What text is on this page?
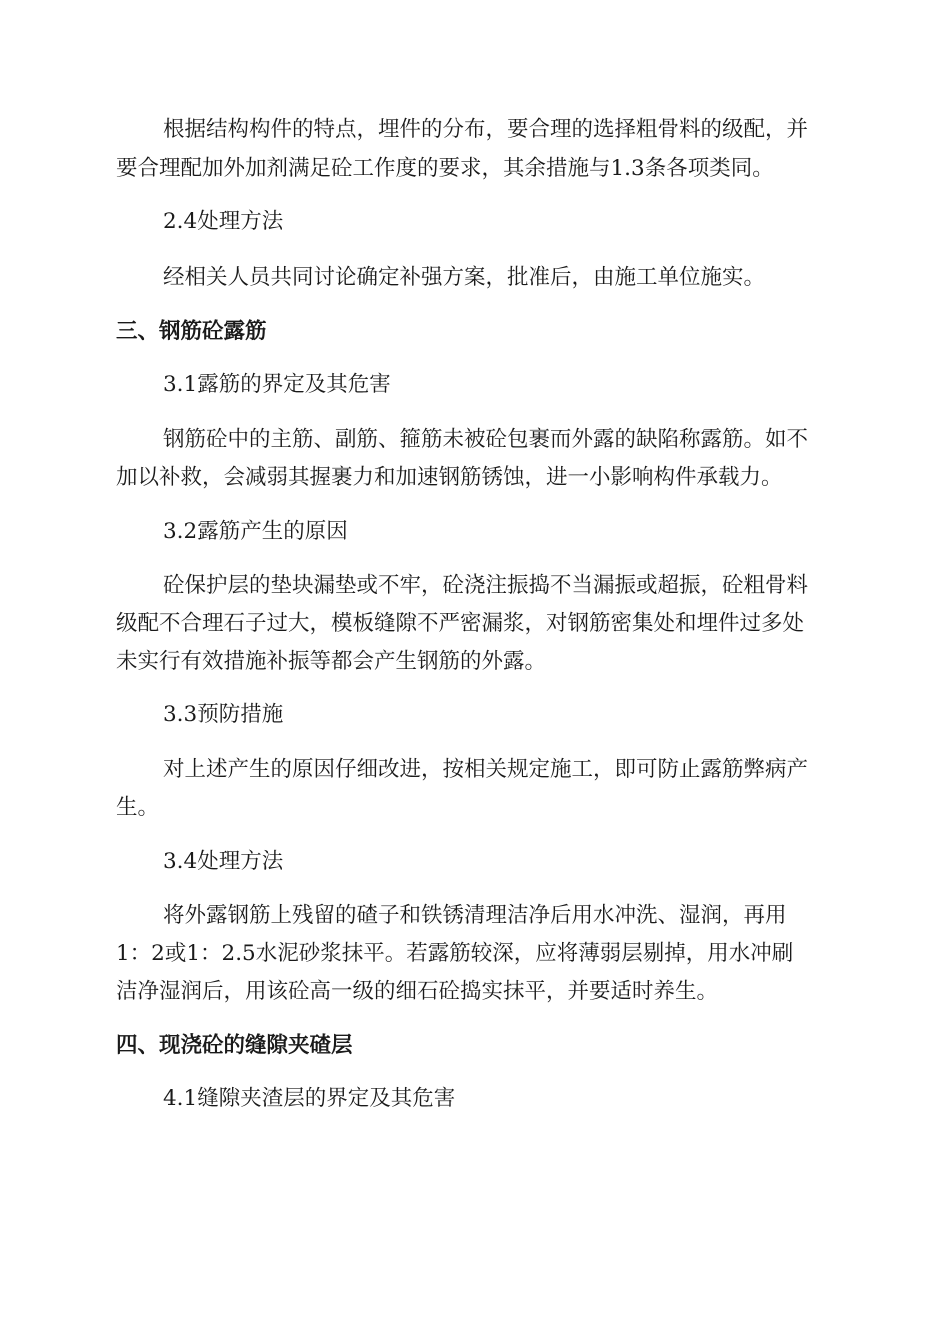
根据结构构件的特点，埋件的分布，要合理的选择粗骨料的级配，并
要合理配加外加剂满足砼工作度的要求，其余措施与1.3条各项类同。
2.4处理方法
经相关人员共同讨论确定补强方案，批准后，由施工单位施实。
三、钢筋砼露筋
3.1露筋的界定及其危害
钢筋砼中的主筋、副筋、箍筋未被砼包裹而外露的缺陷称露筋。如不
加以补救，会减弱其握裹力和加速钢筋锈蚀，进一小影响构件承载力。
3.2露筋产生的原因
砼保护层的垫块漏垫或不牢，砼浇注振捣不当漏振或超振，砼粗骨料
级配不合理石子过大，模板缝隙不严密漏浆，对钢筋密集处和埋件过多处
未实行有效措施补振等都会产生钢筋的外露。
3.3预防措施
对上述产生的原因仔细改进，按相关规定施工，即可防止露筋弊病产
生。
3.4处理方法
将外露钢筋上残留的碴子和铁锈清理洁净后用水冲洗、湿润，再用
1：2或1：2.5水泥砂浆抹平。若露筋较深，应将薄弱层剔掉，用水冲刷
洁净湿润后，用该砼高一级的细石砼捣实抹平，并要适时养生。
四、现浇砼的缝隙夹碴层
4.1缝隙夹渣层的界定及其危害
